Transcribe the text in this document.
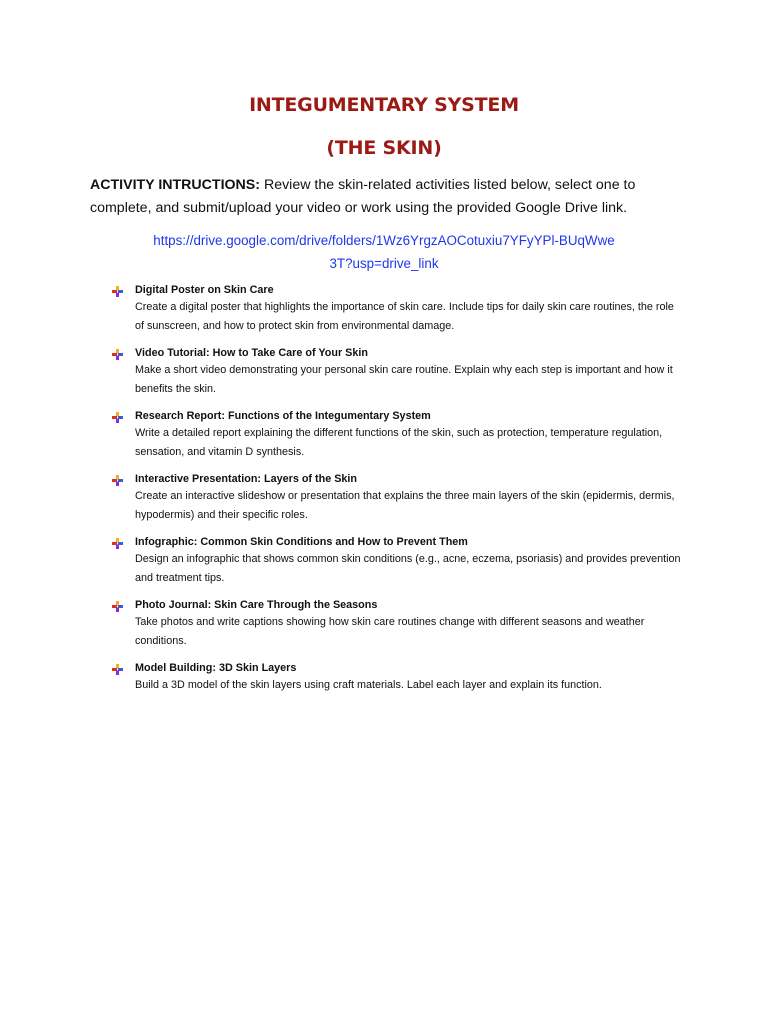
INTEGUMENTARY SYSTEM
(THE SKIN)
ACTIVITY INTRUCTIONS: Review the skin-related activities listed below, select one to complete, and submit/upload your video or work using the provided Google Drive link.
https://drive.google.com/drive/folders/1Wz6YrgzAOCotuxiu7YFyYPl-BUqWwe3T?usp=drive_link
Digital Poster on Skin Care
Create a digital poster that highlights the importance of skin care. Include tips for daily skin care routines, the role of sunscreen, and how to protect skin from environmental damage.
Video Tutorial: How to Take Care of Your Skin
Make a short video demonstrating your personal skin care routine. Explain why each step is important and how it benefits the skin.
Research Report: Functions of the Integumentary System
Write a detailed report explaining the different functions of the skin, such as protection, temperature regulation, sensation, and vitamin D synthesis.
Interactive Presentation: Layers of the Skin
Create an interactive slideshow or presentation that explains the three main layers of the skin (epidermis, dermis, hypodermis) and their specific roles.
Infographic: Common Skin Conditions and How to Prevent Them
Design an infographic that shows common skin conditions (e.g., acne, eczema, psoriasis) and provides prevention and treatment tips.
Photo Journal: Skin Care Through the Seasons
Take photos and write captions showing how skin care routines change with different seasons and weather conditions.
Model Building: 3D Skin Layers
Build a 3D model of the skin layers using craft materials. Label each layer and explain its function.
